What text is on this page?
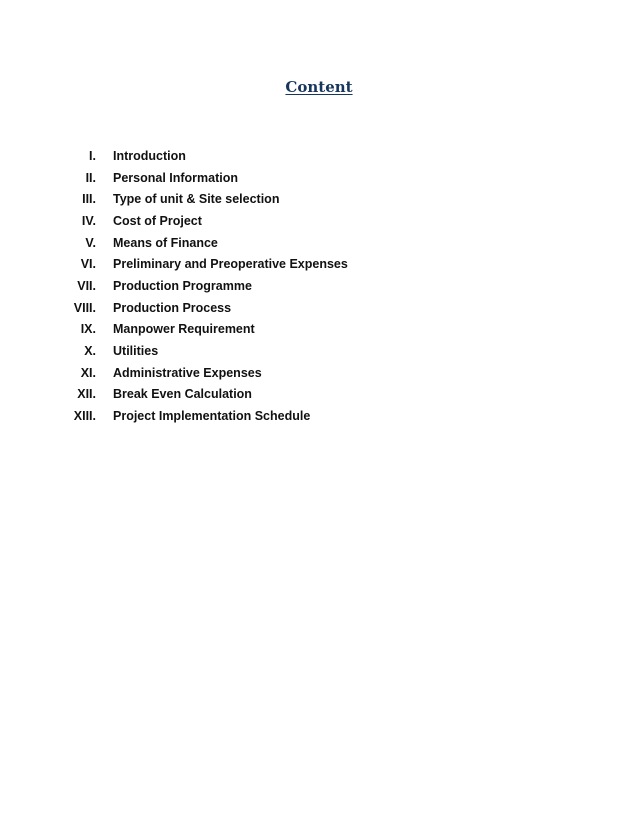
Content
I. Introduction
II. Personal Information
III. Type of unit & Site selection
IV. Cost of Project
V. Means of Finance
VI. Preliminary and Preoperative Expenses
VII. Production Programme
VIII. Production Process
IX. Manpower Requirement
X. Utilities
XI. Administrative Expenses
XII. Break Even Calculation
XIII. Project Implementation Schedule
